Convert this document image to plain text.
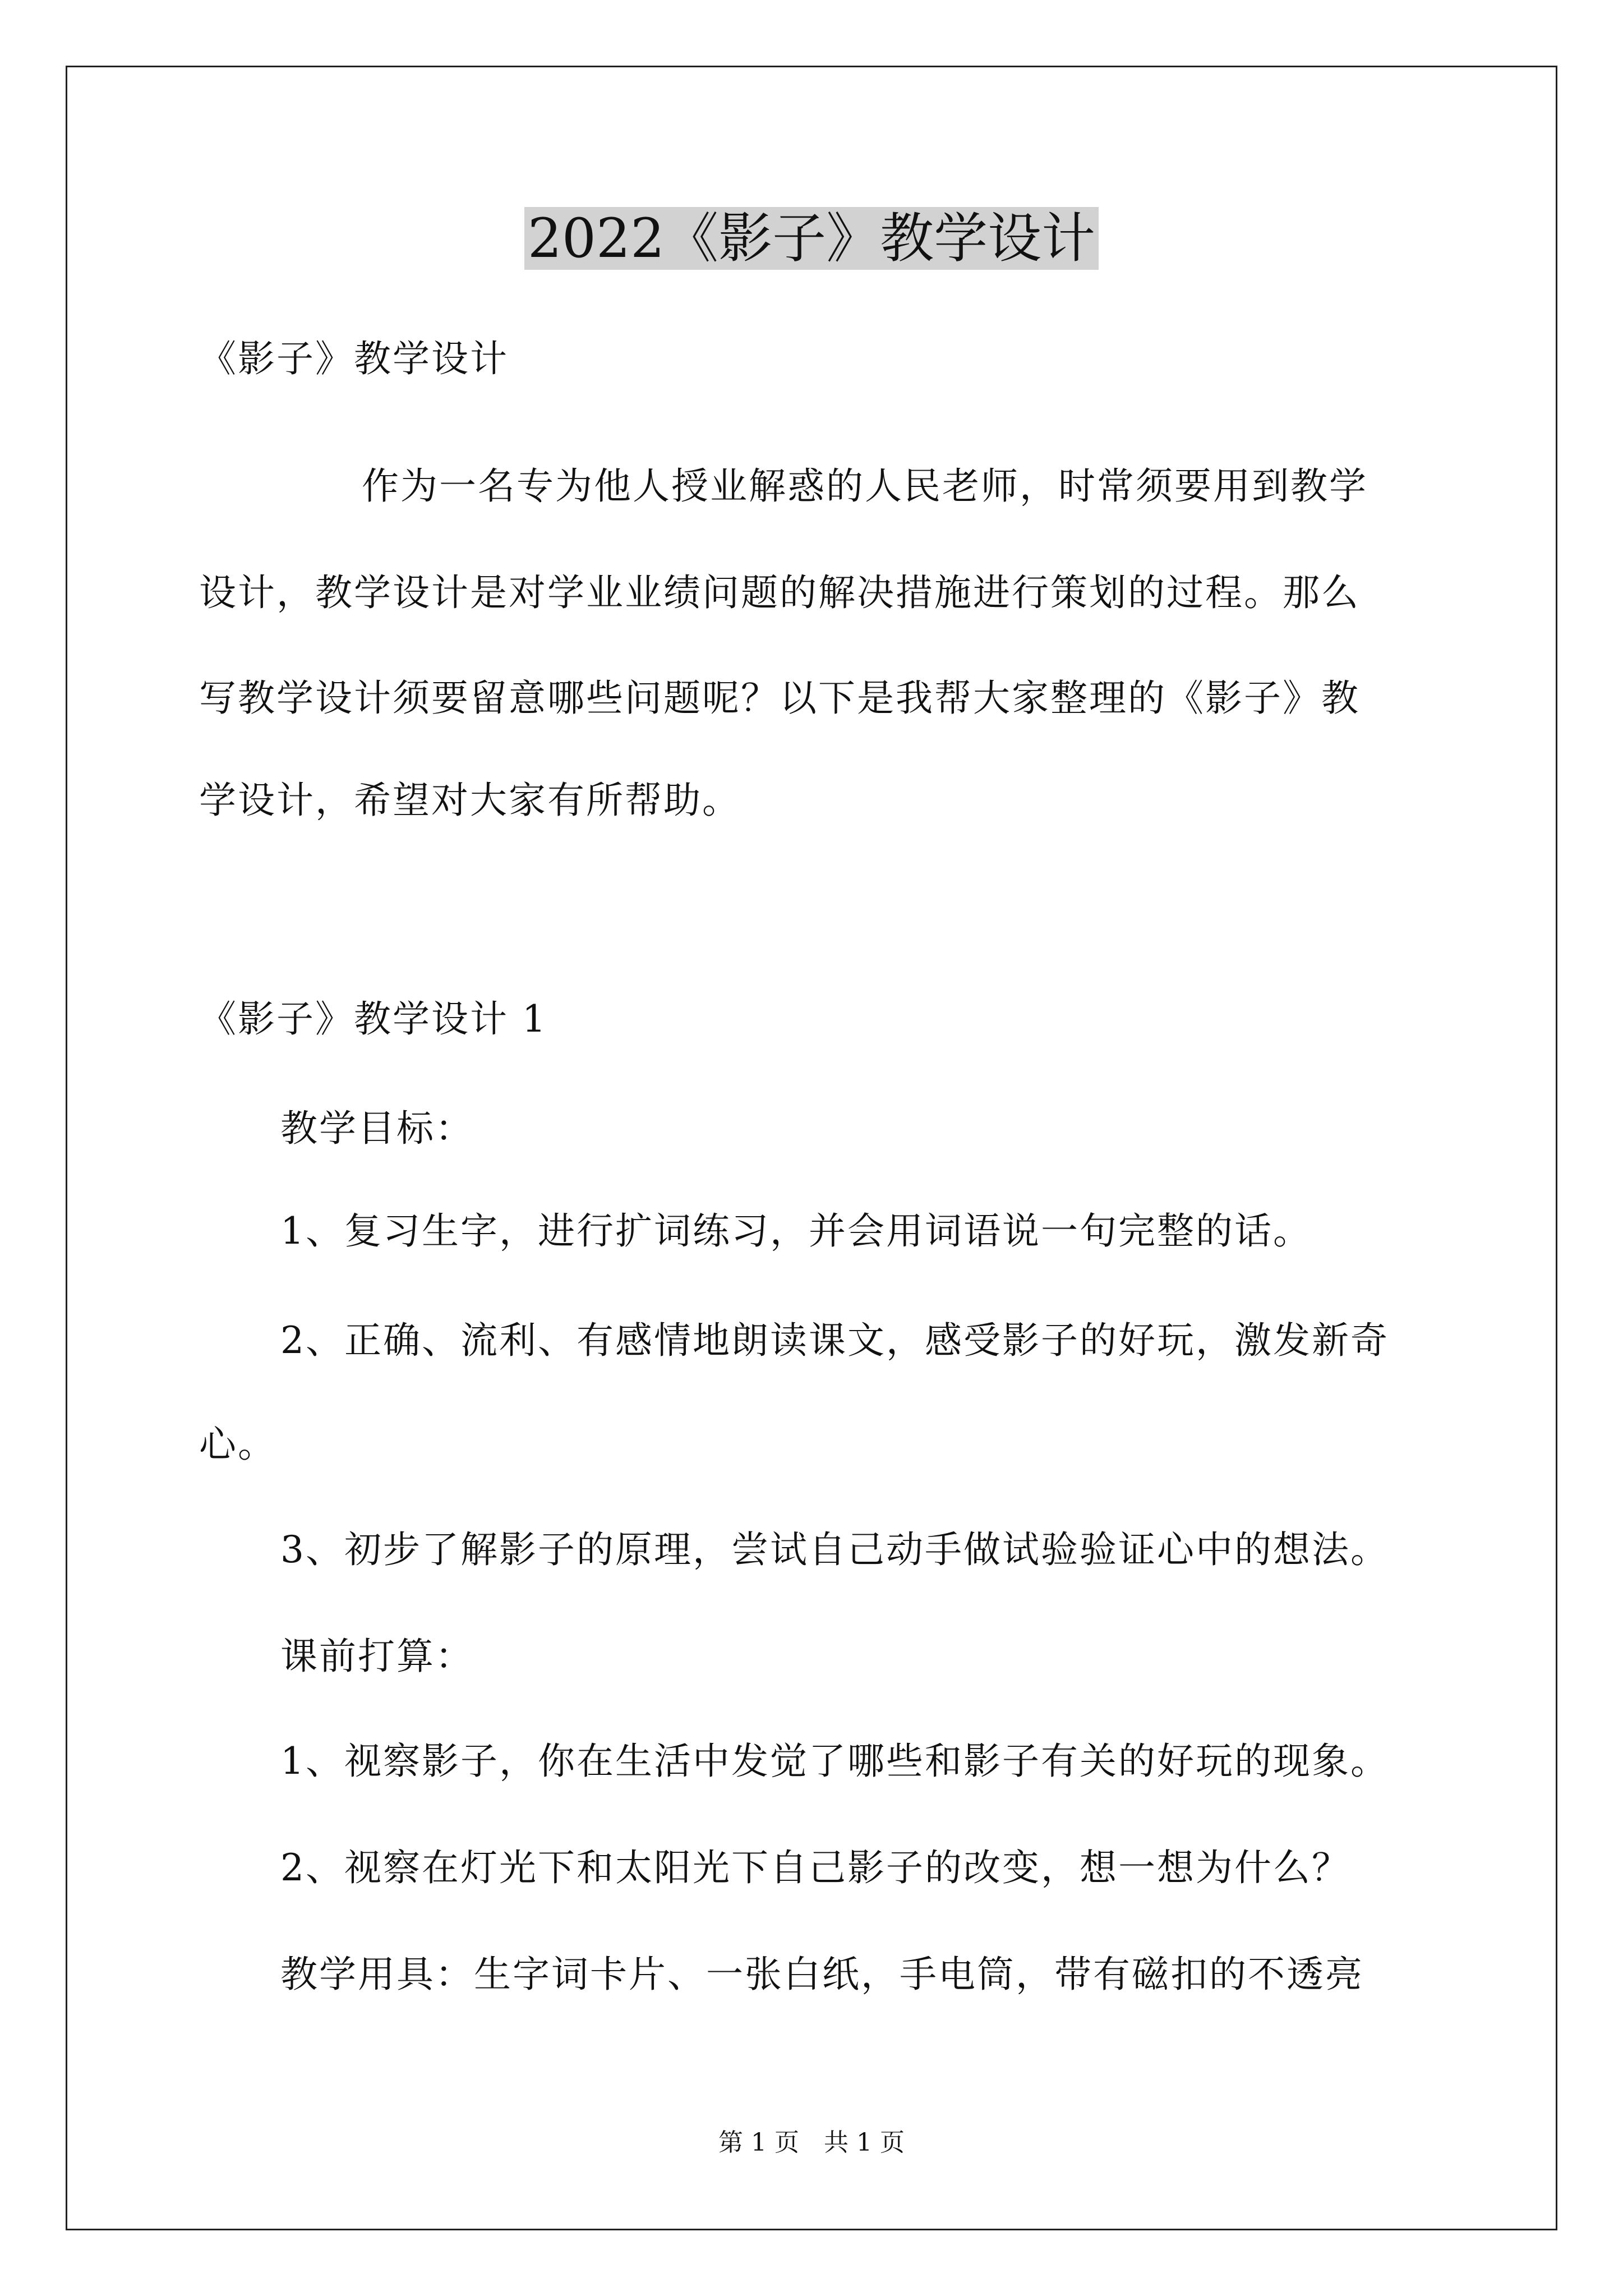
2022《影子》教学设计

《影子》教学设计

作为一名专为他人授业解惑的人民老师，时常须要用到教学

设计，教学设计是对学业业绩问题的解决措施进行策划的过程。那么

写教学设计须要留意哪些问题呢？以下是我帮大家整理的《影子》教

学设计，希望对大家有所帮助。

《影子》教学设计 1

教学目标：

1、复习生字，进行扩词练习，并会用词语说一句完整的话。

2、正确、流利、有感情地朗读课文，感受影子的好玩，激发新奇

心。

3、初步了解影子的原理，尝试自己动手做试验验证心中的想法。

课前打算：

1、视察影子，你在生活中发觉了哪些和影子有关的好玩的现象。

2、视察在灯光下和太阳光下自己影子的改变，想一想为什么？

教学用具：生字词卡片、一张白纸，手电筒，带有磁扣的不透亮

第 1 页　共 1 页
